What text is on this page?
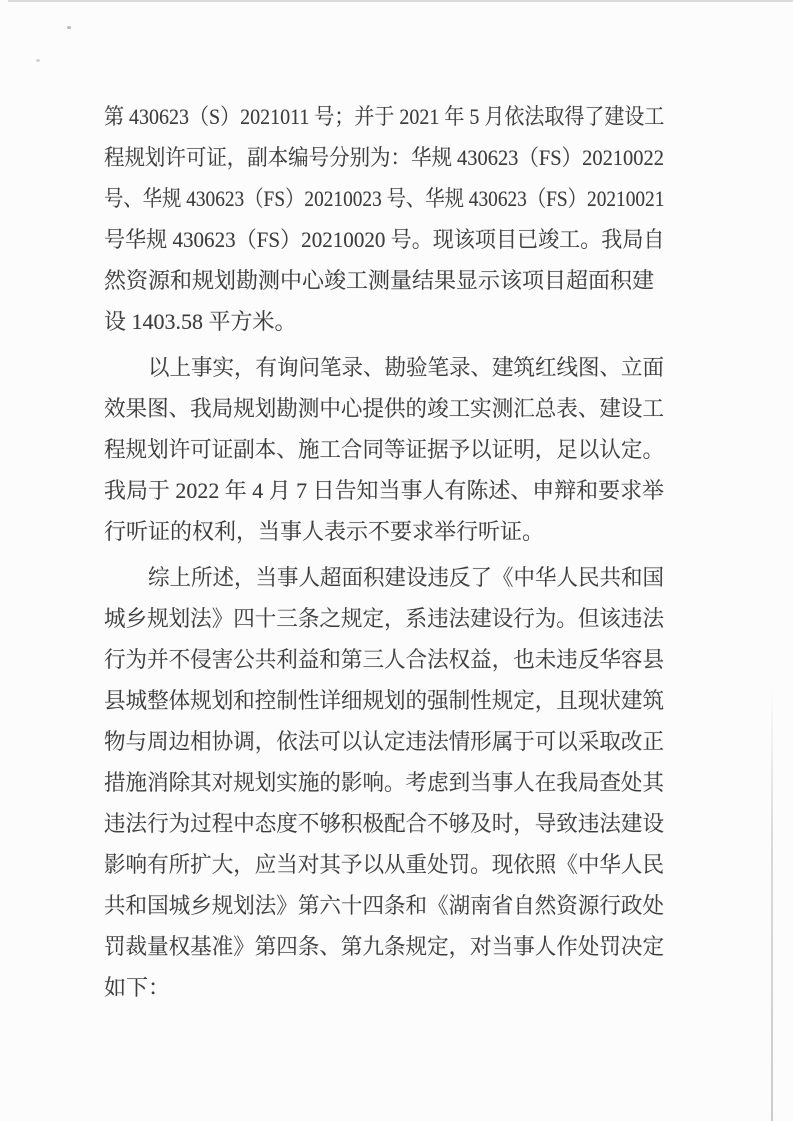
第 430623（S）2021011 号；并于 2021 年 5 月依法取得了建设工
程规划许可证，副本编号分别为：华规 430623（FS）20210022
号、华规 430623（FS）20210023 号、华规 430623（FS）20210021
号华规 430623（FS）20210020 号。现该项目已竣工。我局自
然资源和规划勘测中心竣工测量结果显示该项目超面积建
设 1403.58 平方米。
以上事实，有询问笔录、勘验笔录、建筑红线图、立面
效果图、我局规划勘测中心提供的竣工实测汇总表、建设工
程规划许可证副本、施工合同等证据予以证明，足以认定。
我局于 2022 年 4 月 7 日告知当事人有陈述、申辩和要求举
行听证的权利，当事人表示不要求举行听证。
综上所述，当事人超面积建设违反了《中华人民共和国
城乡规划法》四十三条之规定，系违法建设行为。但该违法
行为并不侵害公共利益和第三人合法权益，也未违反华容县
县城整体规划和控制性详细规划的强制性规定，且现状建筑
物与周边相协调，依法可以认定违法情形属于可以采取改正
措施消除其对规划实施的影响。考虑到当事人在我局查处其
违法行为过程中态度不够积极配合不够及时，导致违法建设
影响有所扩大，应当对其予以从重处罚。现依照《中华人民
共和国城乡规划法》第六十四条和《湖南省自然资源行政处
罚裁量权基准》第四条、第九条规定，对当事人作处罚决定
如下：
